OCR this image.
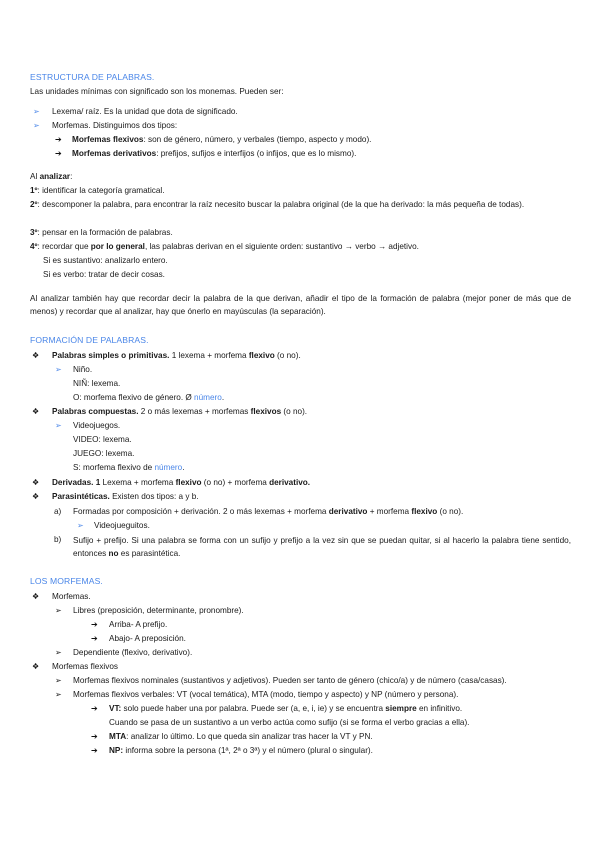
ESTRUCTURA DE PALABRAS.
Las unidades mínimas con significado son los monemas. Pueden ser:
➢ Lexema/ raíz. Es la unidad que dota de significado.
➢ Morfemas. Distinguimos dos tipos:
➔ Morfemas flexivos: son de género, número, y verbales (tiempo, aspecto y modo).
➔ Morfemas derivativos: prefijos, sufijos e interfijos (o infijos, que es lo mismo).
Al analizar:
1º: identificar la categoría gramatical.
2º: descomponer la palabra, para encontrar la raíz necesito buscar la palabra original (de la que ha derivado: la más pequeña de todas).
3º: pensar en la formación de palabras.
4º: recordar que por lo general, las palabras derivan en el siguiente orden: sustantivo → verbo → adjetivo.
Si es sustantivo: analizarlo entero.
Si es verbo: tratar de decir cosas.
Al analizar también hay que recordar decir la palabra de la que derivan, añadir el tipo de la formación de palabra (mejor poner de más que de menos) y recordar que al analizar, hay que ónerlo en mayúsculas (la separación).
FORMACIÓN DE PALABRAS.
❖ Palabras simples o primitivas. 1 lexema + morfema flexivo (o no).
➢ Niño.
NIÑ: lexema.
O: morfema flexivo de género. Ø número.
❖ Palabras compuestas. 2 o más lexemas + morfemas flexivos (o no).
➢ Videojuegos.
VIDEO: lexema.
JUEGO: lexema.
S: morfema flexivo de número.
❖ Derivadas. 1 Lexema + morfema flexivo (o no) + morfema derivativo.
❖ Parasintéticas. Existen dos tipos: a y b.
a) Formadas por composición + derivación. 2 o más lexemas + morfema derivativo + morfema flexivo (o no).
➢ Videojueguitos.
b) Sufijo + prefijo. Si una palabra se forma con un sufijo y prefijo a la vez sin que se puedan quitar, si al hacerlo la palabra tiene sentido, entonces no es parasintética.
LOS MORFEMAS.
❖ Morfemas.
➢ Libres (preposición, determinante, pronombre).
➔ Arriba- A prefijo.
➔ Abajo- A preposición.
➢ Dependiente (flexivo, derivativo).
❖ Morfemas flexivos
➢ Morfemas flexivos nominales (sustantivos y adjetivos). Pueden ser tanto de género (chico/a) y de número (casa/casas).
➢ Morfemas flexivos verbales: VT (vocal temática), MTA (modo, tiempo y aspecto) y NP (número y persona).
➔ VT: solo puede haber una por palabra. Puede ser (a, e, i, ie) y se encuentra siempre en infinitivo.
Cuando se pasa de un sustantivo a un verbo actúa como sufijo (si se forma el verbo gracias a ella).
➔ MTA: analizar lo último. Lo que queda sin analizar tras hacer la VT y PN.
➔ NP: informa sobre la persona (1ª, 2ª o 3ª) y el número (plural o singular).
